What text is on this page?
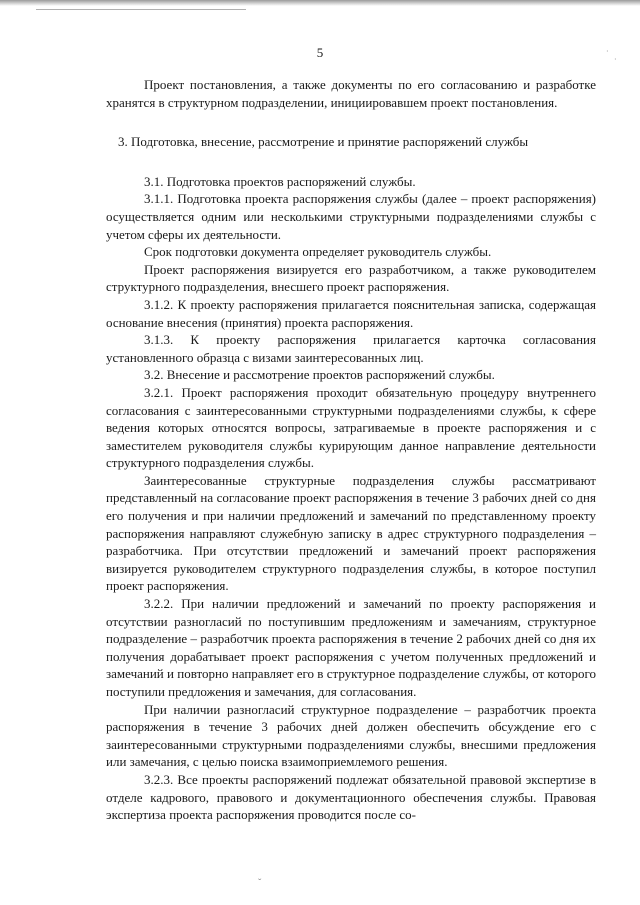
·
·
5

Проект постановления, а также документы по его согласованию и разработке хранятся в структурном подразделении, инициировавшем проект постановления.

3. Подготовка, внесение, рассмотрение и принятие распоряжений службы

3.1. Подготовка проектов распоряжений службы.

3.1.1. Подготовка проекта распоряжения службы (далее – проект распоряжения) осуществляется одним или несколькими структурными подразделениями службы с учетом сферы их деятельности.

Срок подготовки документа определяет руководитель службы.

Проект распоряжения визируется его разработчиком, а также руководителем структурного подразделения, внесшего проект распоряжения.

3.1.2. К проекту распоряжения прилагается пояснительная записка, содержащая основание внесения (принятия) проекта распоряжения.

3.1.3. К проекту распоряжения прилагается карточка согласования установленного образца с визами заинтересованных лиц.

3.2. Внесение и рассмотрение проектов распоряжений службы.

3.2.1. Проект распоряжения проходит обязательную процедуру внутреннего согласования с заинтересованными структурными подразделениями службы, к сфере ведения которых относятся вопросы, затрагиваемые в проекте распоряжения и с заместителем руководителя службы курирующим данное направление деятельности структурного подразделения службы.

Заинтересованные структурные подразделения службы рассматривают представленный на согласование проект распоряжения в течение 3 рабочих дней со дня его получения и при наличии предложений и замечаний по представленному проекту распоряжения направляют служебную записку в адрес структурного подразделения – разработчика. При отсутствии предложений и замечаний проект распоряжения визируется руководителем структурного подразделения службы, в которое поступил проект распоряжения.

3.2.2. При наличии предложений и замечаний по проекту распоряжения и отсутствии разногласий по поступившим предложениям и замечаниям, структурное подразделение – разработчик проекта распоряжения в течение 2 рабочих дней со дня их получения дорабатывает проект распоряжения с учетом полученных предложений и замечаний и повторно направляет его в структурное подразделение службы, от которого поступили предложения и замечания, для согласования.

При наличии разногласий структурное подразделение – разработчик проекта распоряжения в течение 3 рабочих дней должен обеспечить обсуждение его с заинтересованными структурными подразделениями службы, внесшими предложения или замечания, с целью поиска взаимоприемлемого решения.

3.2.3. Все проекты распоряжений подлежат обязательной правовой экспертизе в отделе кадрового, правового и документационного обеспечения службы. Правовая экспертиза проекта распоряжения проводится после со-

ˇ
